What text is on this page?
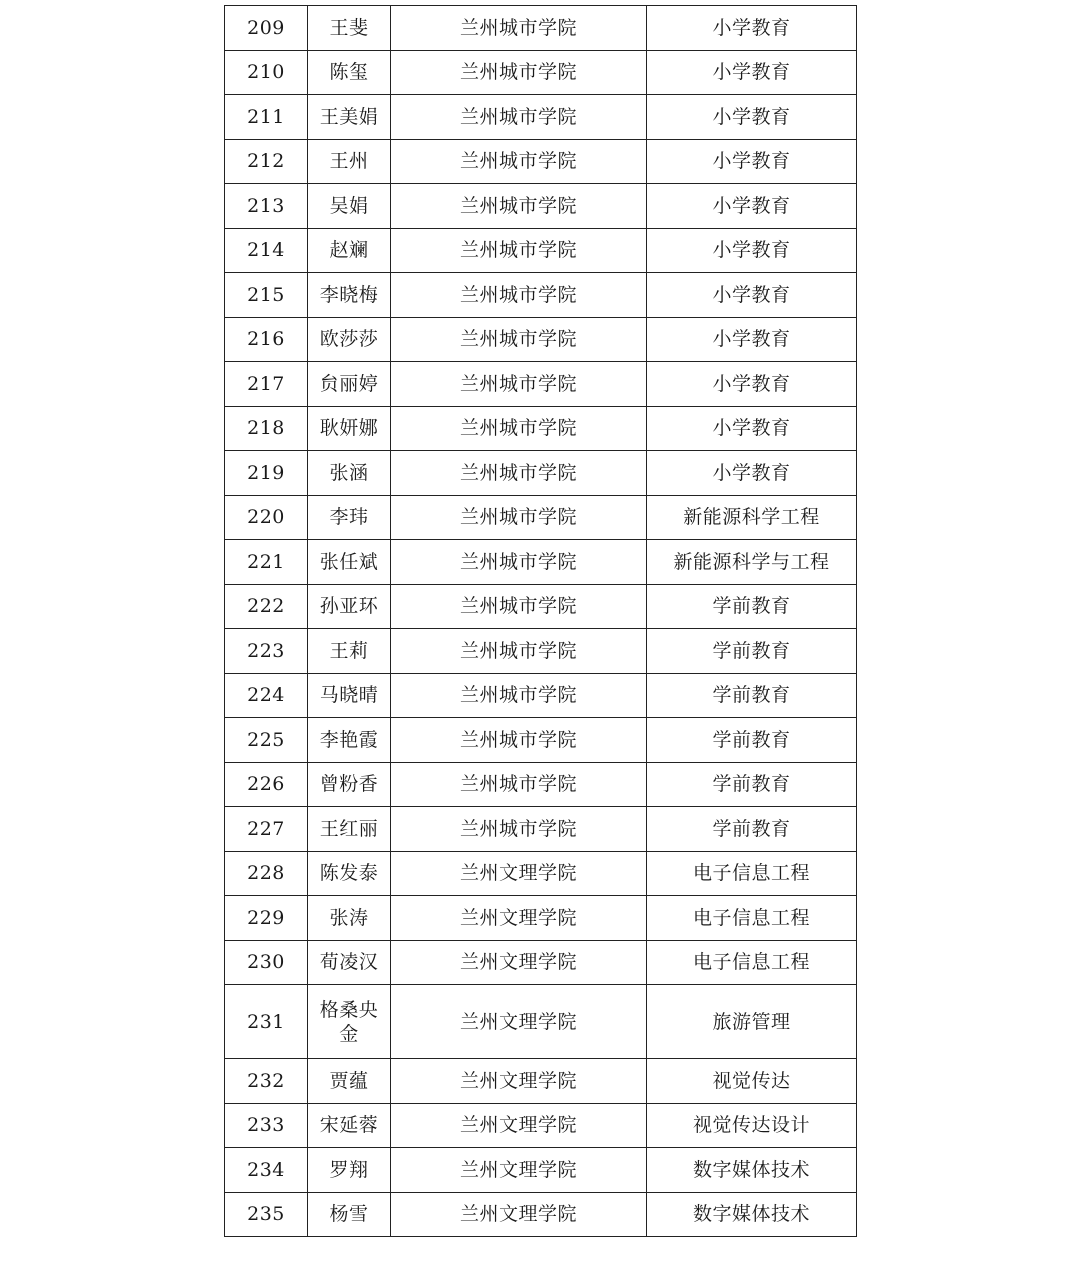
209	王斐	兰州城市学院	小学教育
210	陈玺	兰州城市学院	小学教育
211	王美娟	兰州城市学院	小学教育
212	王州	兰州城市学院	小学教育
213	吴娟	兰州城市学院	小学教育
214	赵斓	兰州城市学院	小学教育
215	李晓梅	兰州城市学院	小学教育
216	欧莎莎	兰州城市学院	小学教育
217	贠丽婷	兰州城市学院	小学教育
218	耿妍娜	兰州城市学院	小学教育
219	张涵	兰州城市学院	小学教育
220	李玮	兰州城市学院	新能源科学工程
221	张任斌	兰州城市学院	新能源科学与工程
222	孙亚环	兰州城市学院	学前教育
223	王莉	兰州城市学院	学前教育
224	马晓晴	兰州城市学院	学前教育
225	李艳霞	兰州城市学院	学前教育
226	曾粉香	兰州城市学院	学前教育
227	王红丽	兰州城市学院	学前教育
228	陈发泰	兰州文理学院	电子信息工程
229	张涛	兰州文理学院	电子信息工程
230	荀凌汉	兰州文理学院	电子信息工程
231	格桑央金	兰州文理学院	旅游管理
232	贾蕴	兰州文理学院	视觉传达
233	宋延蓉	兰州文理学院	视觉传达设计
234	罗翔	兰州文理学院	数字媒体技术
235	杨雪	兰州文理学院	数字媒体技术
